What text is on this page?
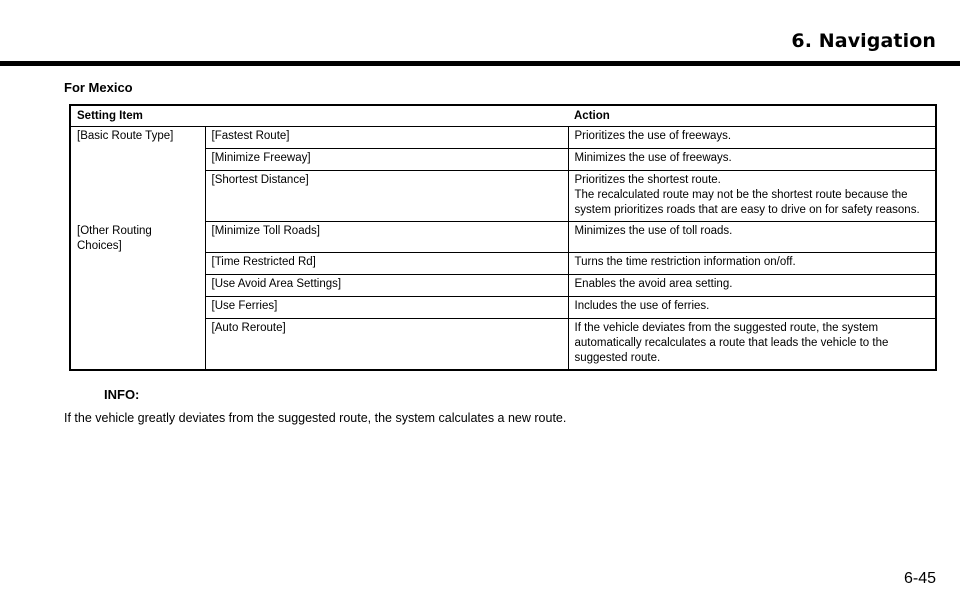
6. Navigation
For Mexico
Setting Item		Action
[Basic Route Type]	[Fastest Route]	Prioritizes the use of freeways.

	[Minimize Freeway]	Minimizes the use of freeways.

	[Shortest Distance]	Prioritizes the shortest route.
The recalculated route may not be the shortest route because the
system prioritizes roads that are easy to drive on for safety reasons.

[Other Routing Choices]	[Minimize Toll Roads]	Minimizes the use of toll roads.

	[Time Restricted Rd]	Turns the time restriction information on/off.

	[Use Avoid Area Settings]	Enables the avoid area setting.

	[Use Ferries]	Includes the use of ferries.

	[Auto Reroute]	If the vehicle deviates from the suggested route, the system
automatically recalculates a route that leads the vehicle to the
suggested route.
INFO:
If the vehicle greatly deviates from the suggested route, the system calculates a new route.
6-45
